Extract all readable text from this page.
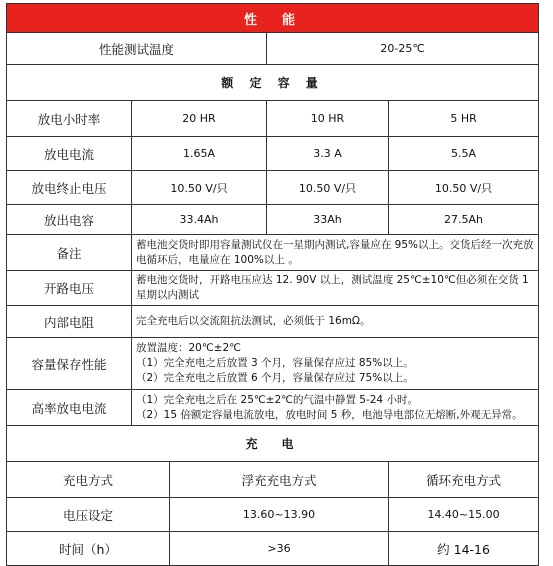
性　能				
性能测试温度			20-25℃	
额 定 容 量				
放电小时率	20 HR		10 HR	5 HR
放电电流	1.65A		3.3 A	5.5A
放电终止电压	10.50 V/只		10.50 V/只	10.50 V/只
放出电容	33.4Ah		33Ah	27.5Ah
备注	蓄电池交货时即用容量测试仪在一星期内测试,容量应在 95%以上。交货后经一次充放电循环后，电量应在 100%以上 。			
开路电压	蓄电池交货时，开路电压应达 12. 90V 以上，测试温度 25℃±10℃但必须在交货 1 星期以内测试			
内部电阻	完全充电后以交流阻抗法测试，必须低于 16mΩ。			
容量保存性能	放置温度：20℃±2℃
（1）完全充电之后放置 3 个月，容量保存应过 85%以上。
（2）完全充电之后放置 6 个月，容量保存应过 75%以上。			

高率放电电流	（1）完全充电之后在 25℃±2℃的气温中静置 5-24 小时。
（2）15 倍额定容量电流放电，放电时间 5 秒，电池导电部位无熔断,外观无异常。			

充　电				
充电方式		浮充充电方式		循环充电方式
电压设定		13.60~13.90		14.40~15.00
时间（h）		>36		约 14-16
